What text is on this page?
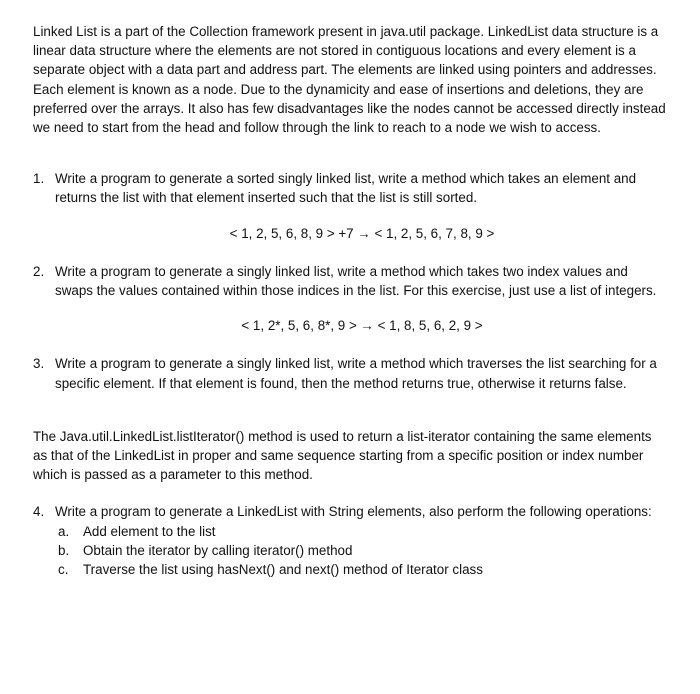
Linked List is a part of the Collection framework present in java.util package. LinkedList data structure is a linear data structure where the elements are not stored in contiguous locations and every element is a separate object with a data part and address part. The elements are linked using pointers and addresses. Each element is known as a node. Due to the dynamicity and ease of insertions and deletions, they are preferred over the arrays. It also has few disadvantages like the nodes cannot be accessed directly instead we need to start from the head and follow through the link to reach to a node we wish to access.

1. Write a program to generate a sorted singly linked list, write a method which takes an element and returns the list with that element inserted such that the list is still sorted.

< 1, 2, 5, 6, 8, 9 > +7 → < 1, 2, 5, 6, 7, 8, 9 >

2. Write a program to generate a singly linked list, write a method which takes two index values and swaps the values contained within those indices in the list. For this exercise, just use a list of integers.

< 1, 2*, 5, 6, 8*, 9 > → < 1, 8, 5, 6, 2, 9 >

3. Write a program to generate a singly linked list, write a method which traverses the list searching for a specific element. If that element is found, then the method returns true, otherwise it returns false.

The Java.util.LinkedList.listIterator() method is used to return a list-iterator containing the same elements as that of the LinkedList in proper and same sequence starting from a specific position or index number which is passed as a parameter to this method.

4. Write a program to generate a LinkedList with String elements, also perform the following operations:
a.	Add element to the list
b.	Obtain the iterator by calling iterator() method
c.	Traverse the list using hasNext() and next() method of Iterator class
